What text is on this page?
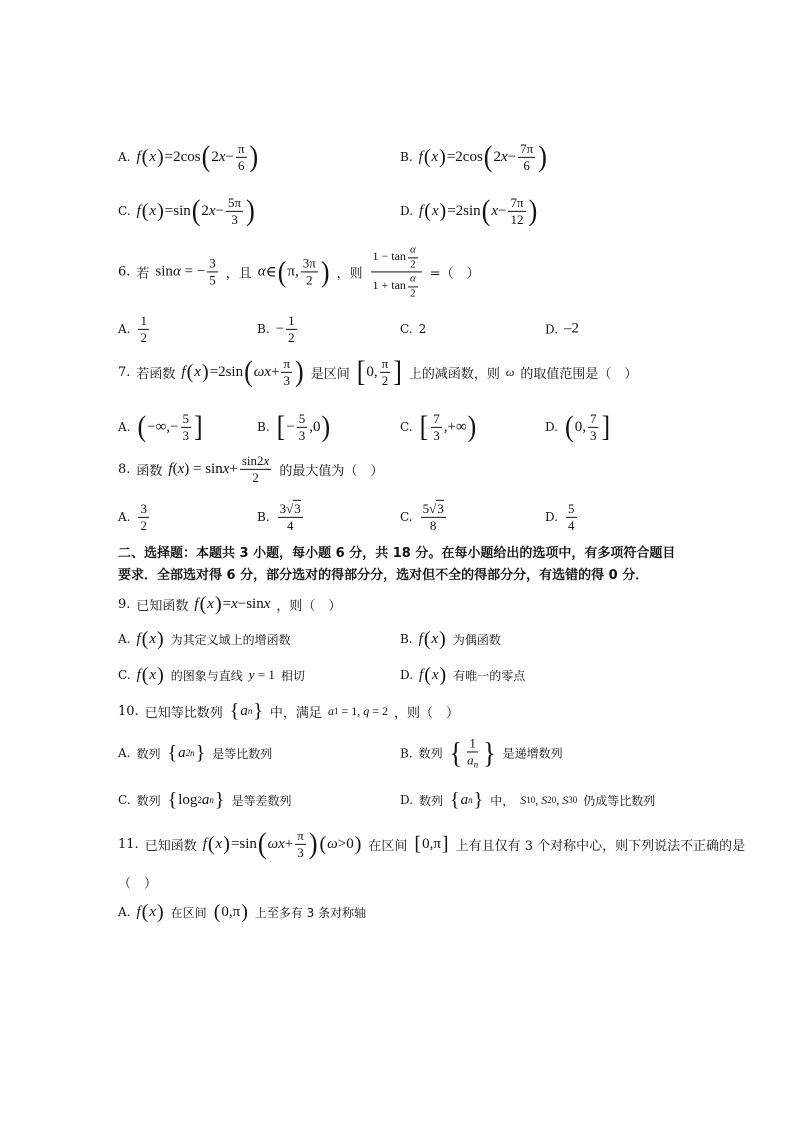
A. f ( x ) =2cos ( 2 $x - \frac{\pi}{6}$ )	B. f ( x ) =2cos ( 2 $x - \frac{7\pi}{6}$ )
C. f ( x ) =sin ( 2 $x - \frac{5\pi}{3}$ )	D. f ( x ) =2sin ( $x - \frac{7\pi}{12}$ )
6. 若 sin α = − $\frac{3}{5}$ ，且 α ∈ ( π, $\frac{3\pi}{2}$ ) ，则 $\frac{1 - \tan \frac{\alpha}{2}}{1 + \tan \frac{\alpha}{2}}$ =（　）
A. $\frac{1}{2}$	B. − $\frac{1}{2}$	C. 2	D. –2
7. 若函数 f ( x ) =2sin ( $\omega x + \frac{\pi}{3}$ ) 是区间 [ 0, $\frac{\pi}{2}$ ] 上的减函数，则 ω 的取值范围是（　）
A. ( −∞,− $\frac{5}{3}$ ]	B. [ − $\frac{5}{3} ,0$ )	C. [ $\frac{7}{3}$ ,+∞ )	D. ( 0, $\frac{7}{3}$ ]
8. 函数 f ( x ) = $\sin x + \frac{\sin 2x}{2}$ 的最大值为（　）
A. $\frac{3}{2}$	B. $\frac{3√3}{4}$	C. $\frac{5√3}{8}$	D. $\frac{5}{4}$
二、选择题：本题共 3 小题，每小题 6 分，共 18 分。在每小题给出的选项中，有多项符合题目
要求．全部选对得 6 分，部分选对的得部分分，选对但不全的得部分分，有选错的得 0 分．
9. 已知函数 f ( x ) = x −sin x ，则（　）
A. f ( x ) 为其定义域上的增函数	B. f ( x ) 为偶函数
C. f ( x ) 的图象与直线 y = 1 相切	D. f ( x ) 有唯一的零点
10. 已知等比数列 { a n } 中，满足 a 1 = 1, q = 2 ，则（　）
A. 数列 { a 2n } 是等比数列	B. 数列 { $\frac{1}{a_n}$ } 是递增数列
C. 数列 { log 2 a n } 是等差数列	D. 数列 { a n } 中， S 10 , S 20 , S 30 仍成等比数列
11. 已知函数 f ( x ) =sin ( $\omega x + \frac{\pi}{3}$ ) ( ω >0 ) 在区间 [ 0,π ] 上有且仅有 3 个对称中心，则下列说法不正确的是
（　）
A. f ( x ) 在区间 ( 0,π ) 上至多有 3 条对称轴
